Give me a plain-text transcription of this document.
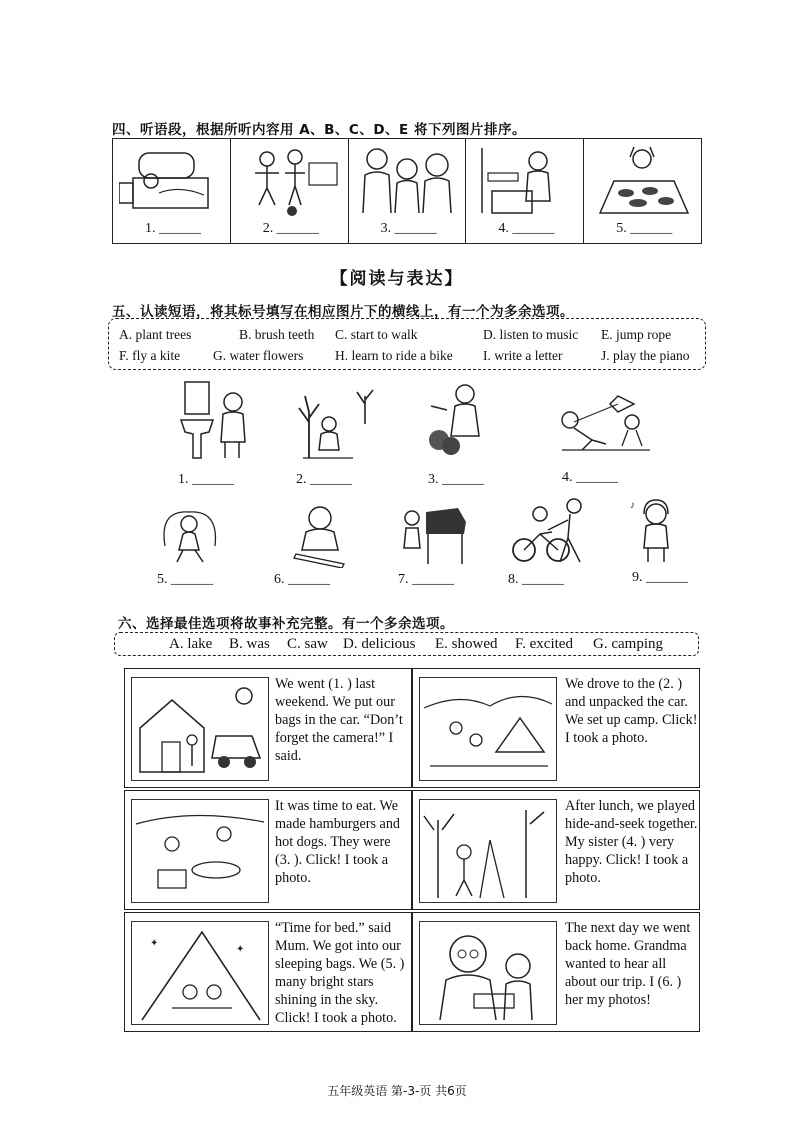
四、听语段，根据所听内容用 A、B、C、D、E 将下列图片排序。
1. ______	2. ______	3. ______	4. ______	5. ______
【阅读与表达】
五、认读短语，将其标号填写在相应图片下的横线上，有一个为多余选项。
A. plant trees	B. brush teeth C. start to walk	D. listen to music E. jump rope
F. fly a kite G. water flowers H. learn to ride a bike I. write a letter	J. play the piano
1. ______	2. ______	3. ______	4. ______
♪
5. ______	6. ______	7. ______	8. ______	9. ______
六、选择最佳选项将故事补充完整。有一个多余选项。
A. lake B. was C. saw D. delicious E. showed F. excited G. camping
We went (1. ) last weekend. We put our bags in the car. “Don’t forget the camera!” I said.
We drove to the (2. ) and unpacked the car. We set up camp. Click! I took a photo.
It was time to eat. We made hamburgers and hot dogs. They were (3. ). Click! I took a photo.
After lunch, we played hide-and-seek together. My sister (4. ) very happy. Click! I took a photo.
✦
✦
“Time for bed.” said Mum. We got into our sleeping bags. We (5. ) many bright stars shining in the sky. Click! I took a photo.
The next day we went back home. Grandma wanted to hear all about our trip. I (6. ) her my photos!
五年级英语 第-3-页 共6页
